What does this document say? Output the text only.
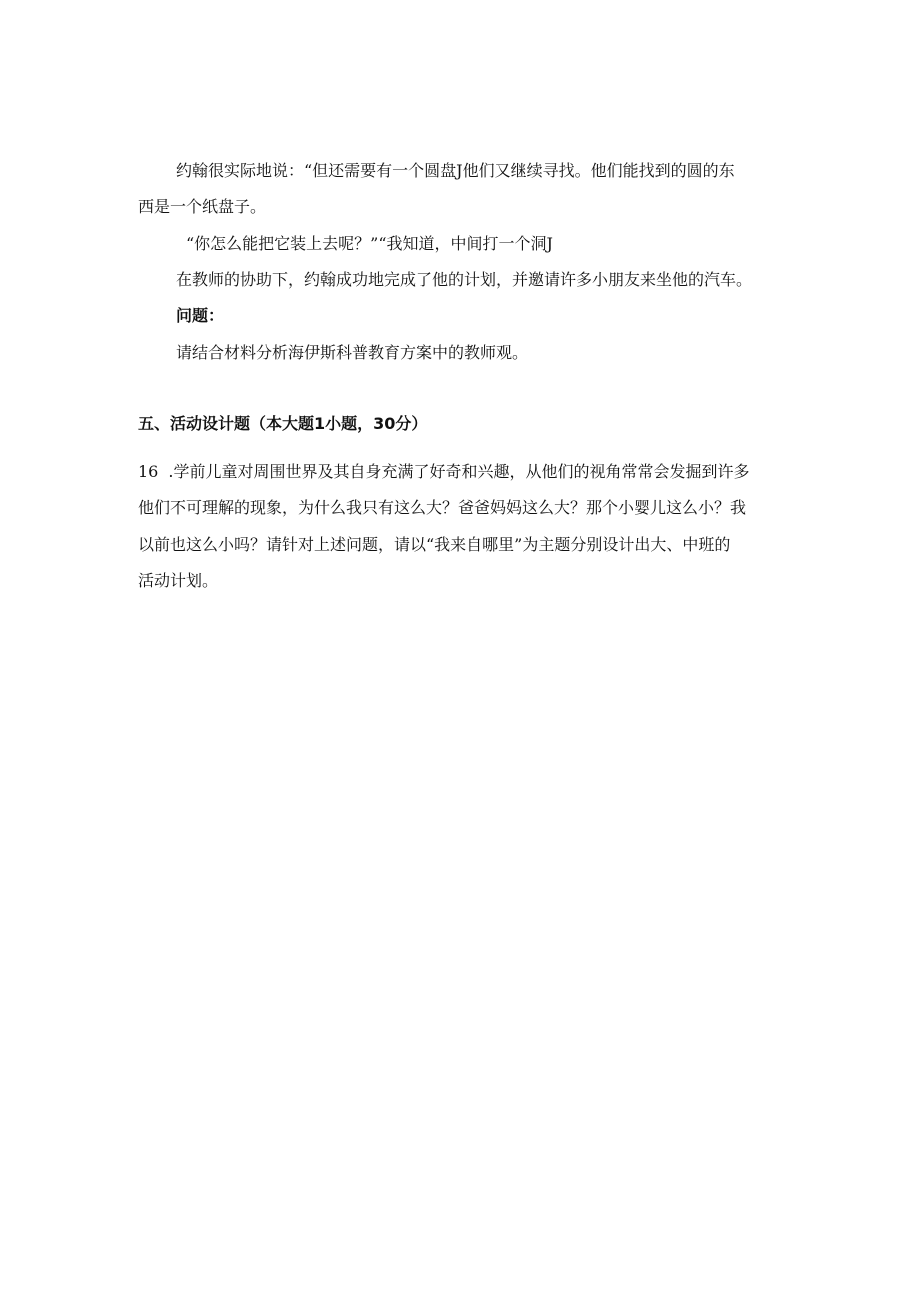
约翰很实际地说：“但还需要有一个圆盘J他们又继续寻找。他们能找到的圆的东
西是一个纸盘子。
“你怎么能把它装上去呢？”“我知道，中间打一个洞J
在教师的协助下，约翰成功地完成了他的计划，并邀请许多小朋友来坐他的汽车。
问题：
请结合材料分析海伊斯科普教育方案中的教师观。
五、活动设计题（本大题1小题，30分）
16 .学前儿童对周围世界及其自身充满了好奇和兴趣，从他们的视角常常会发掘到许多
他们不可理解的现象，为什么我只有这么大？爸爸妈妈这么大？那个小婴儿这么小？我
以前也这么小吗？请针对上述问题，请以“我来自哪里”为主题分别设计出大、中班的
活动计划。
